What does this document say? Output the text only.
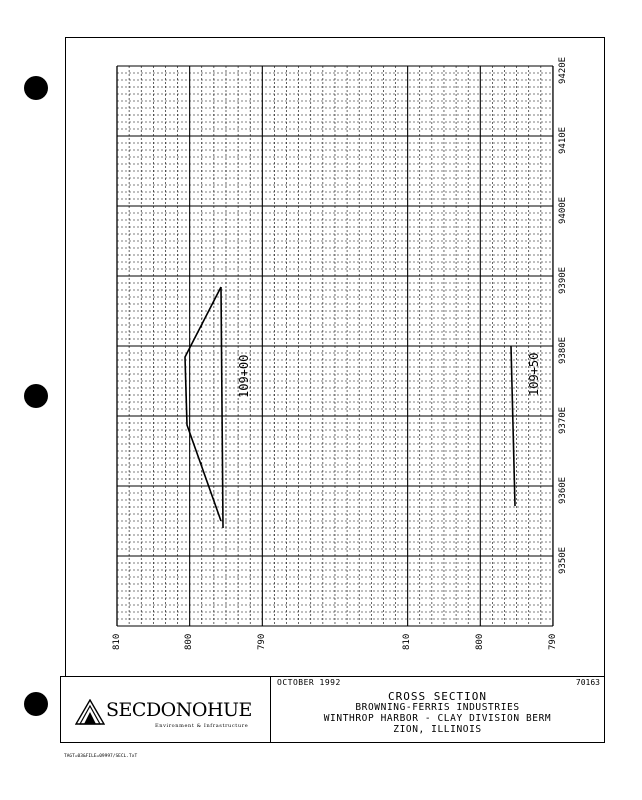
109+00	109+50
9420E
9410E
9400E
9390E
9380E
9370E
9360E
9350E
810	800	790	810	800	790
SECDONOHUE
Environment & Infrastructure
OCTOBER 1992	70163
CROSS SECTION
BROWNING-FERRIS INDUSTRIES
WINTHROP HARBOR - CLAY DIVISION BERM
ZION, ILLINOIS
TAGT=03&FILE=09997/SECL.TxT
